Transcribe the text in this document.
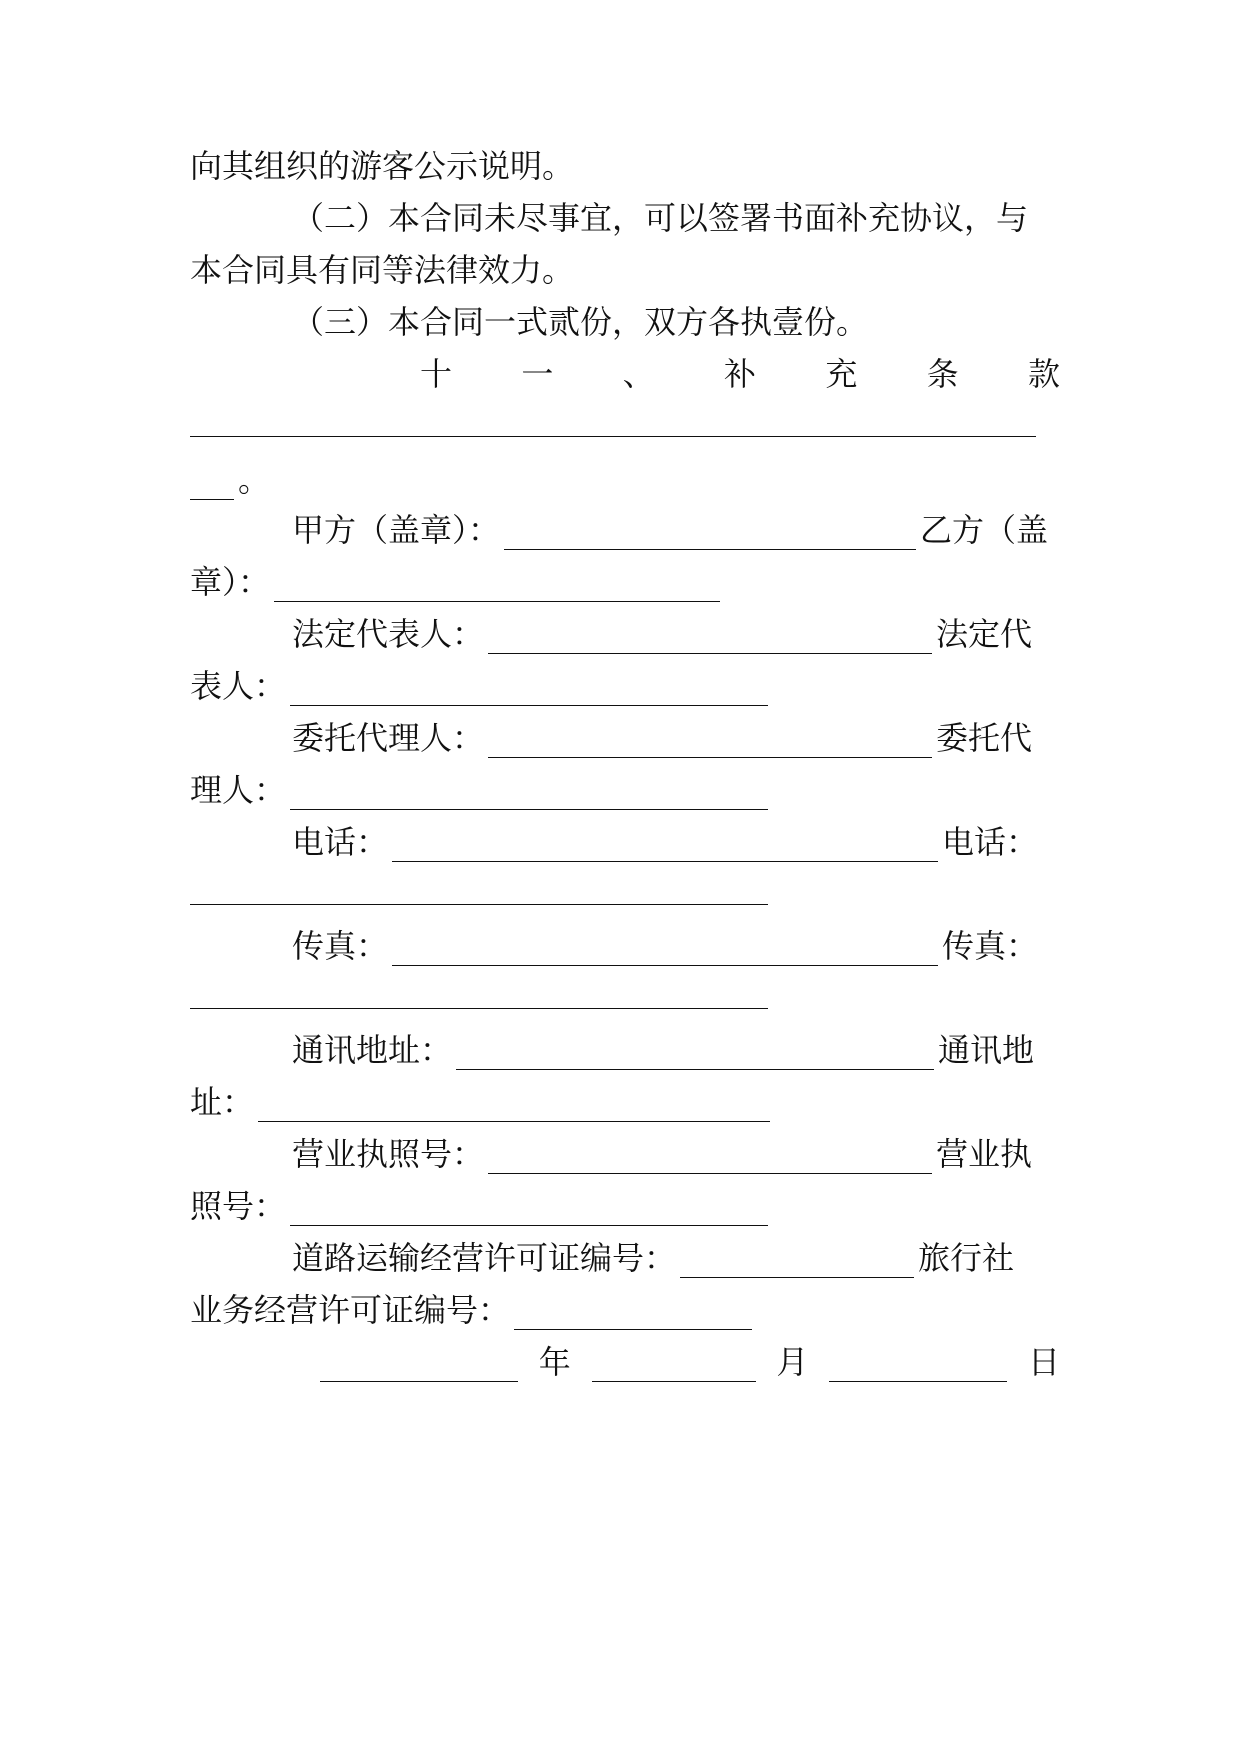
向其组织的游客公示说明。
（二）本合同未尽事宜，可以签署书面补充协议，与
本合同具有同等法律效力。
（三）本合同一式贰份，双方各执壹份。
十 一 、 补 充 条 款
。
甲方（盖章）：	乙方（盖
章）：
法定代表人：	法定代
表人：
委托代理人：	委托代
理人：
电话：	电话：
传真：	传真：
通讯地址：	通讯地
址：
营业执照号：	营业执
照号：
道路运输经营许可证编号：	旅行社
业务经营许可证编号：
年	月	日
